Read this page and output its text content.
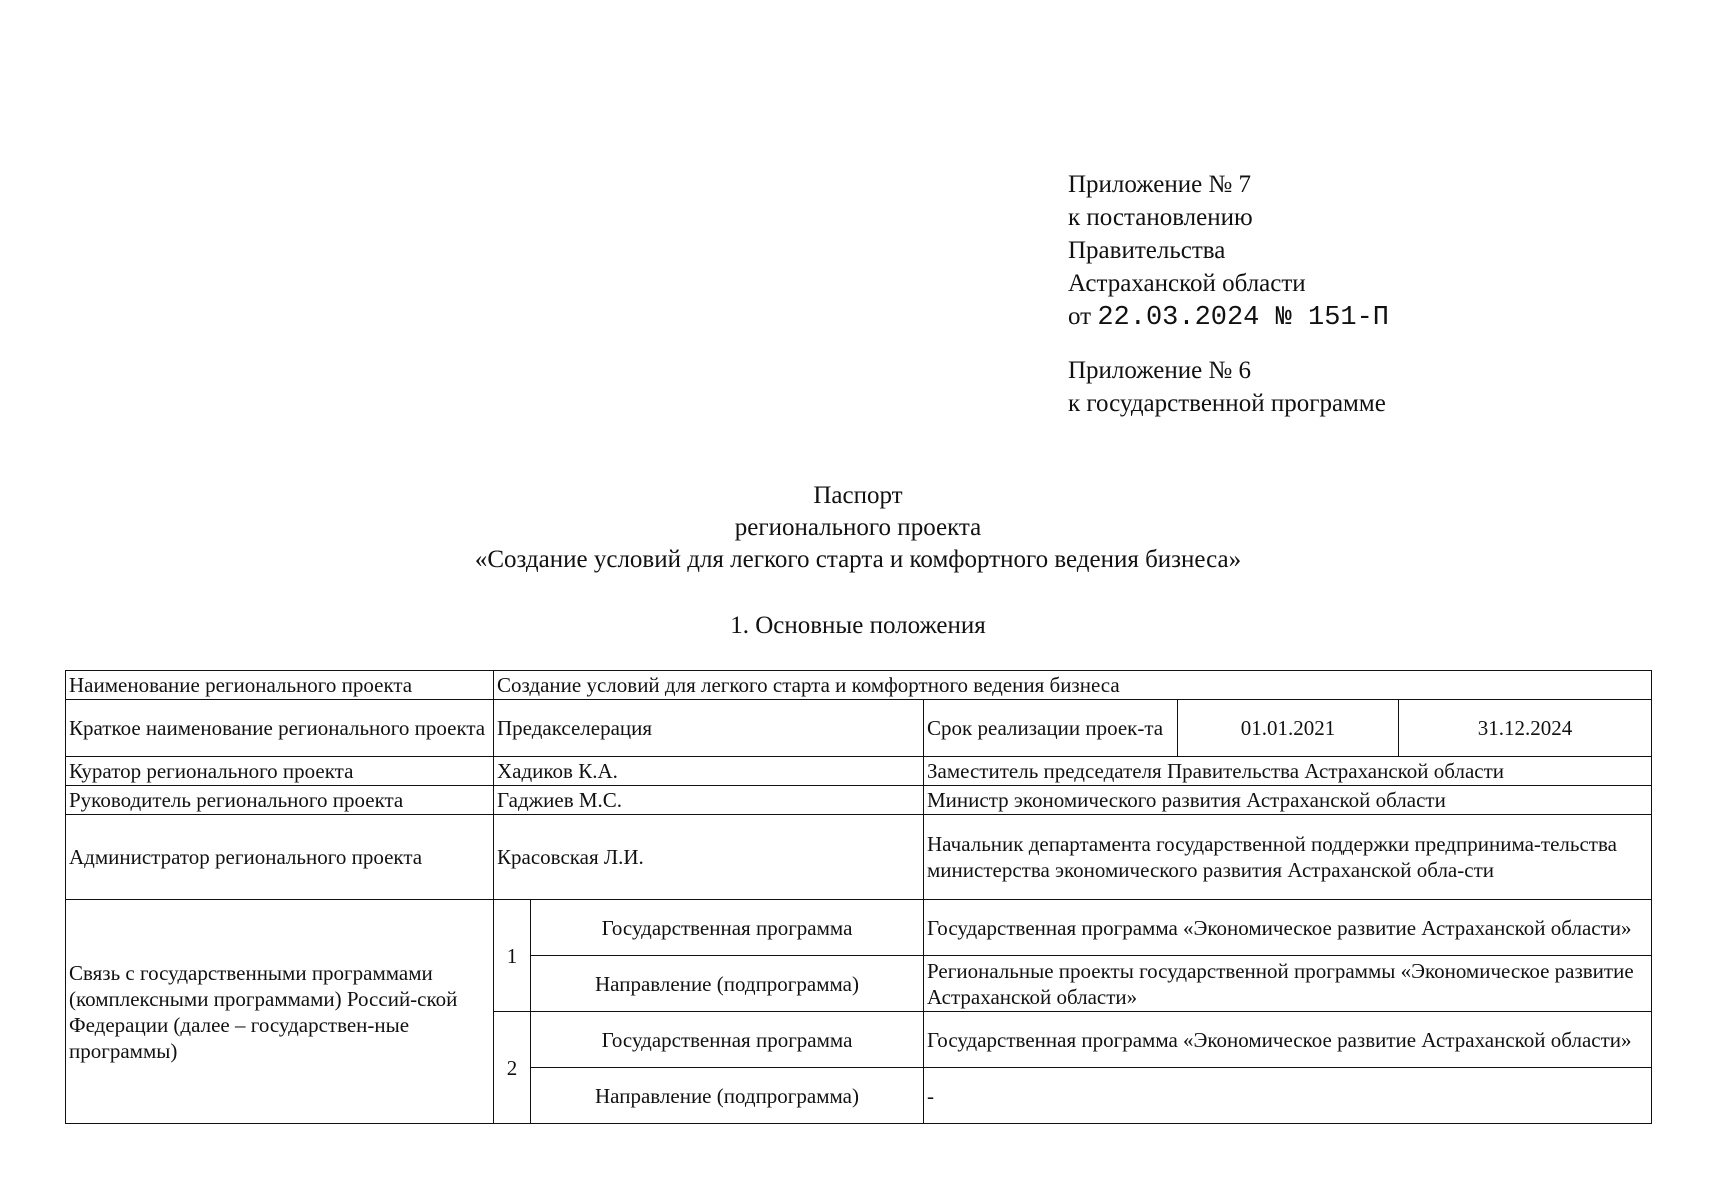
Приложение № 7
к постановлению
Правительства
Астраханской области
от 22.03.2024 № 151-П
Приложение № 6
к государственной программе
Паспорт
регионального проекта
«Создание условий для легкого старта и комфортного ведения бизнеса»
1. Основные положения
Наименование регионального проекта	Создание условий для легкого старта и комфортного ведения бизнеса				
Краткое наименование регионального проекта	Предакселерация		Срок реализации проек-та	01.01.2021	31.12.2024
Куратор регионального проекта	Хадиков К.А.		Заместитель председателя Правительства Астраханской области		
Руководитель регионального проекта	Гаджиев М.С.		Министр экономического развития Астраханской области		
Администратор регионального проекта	Красовская Л.И.		Начальник департамента государственной поддержки предпринима-тельства министерства экономического развития Астраханской обла-сти		
Связь с государственными программами (комплексными программами) Россий-ской Федерации (далее – государствен-ные программы)	1	Государственная программа	Государственная программа «Экономическое развитие Астраханской области»		
		Направление (подпрограмма)	Региональные проекты государственной программы «Экономическое развитие Астраханской области»		
	2	Государственная программа	Государственная программа «Экономическое развитие Астраханской области»		
		Направление (подпрограмма)	-		
